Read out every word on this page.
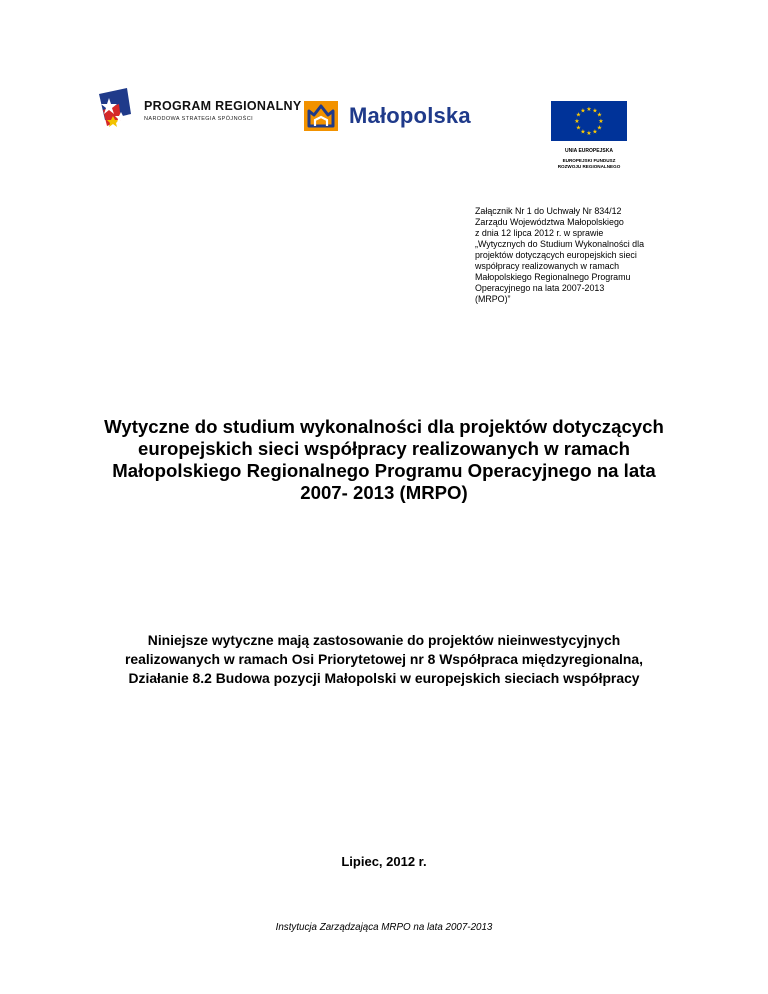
PROGRAM REGIONALNY
NARODOWA STRATEGIA SPÓJNOŚCI	Małopolska	★ ★
★
★
★
★
★
★
★
★
★
★
UNIA EUROPEJSKA
EUROPEJSKI FUNDUSZ
ROZWOJU REGIONALNEGO
Załącznik Nr 1 do Uchwały Nr 834/12
Zarządu Województwa Małopolskiego
z dnia 12 lipca 2012 r. w sprawie
„Wytycznych do Studium Wykonalności dla
projektów dotyczących europejskich sieci
współpracy realizowanych w ramach
Małopolskiego Regionalnego Programu
Operacyjnego na lata 2007-2013
(MRPO)”
Wytyczne do studium wykonalności dla projektów dotyczących
europejskich sieci współpracy realizowanych w ramach
Małopolskiego Regionalnego Programu Operacyjnego na lata
2007- 2013 (MRPO)
Niniejsze wytyczne mają zastosowanie do projektów nieinwestycyjnych
realizowanych w ramach Osi Priorytetowej nr 8 Współpraca międzyregionalna,
Działanie 8.2 Budowa pozycji Małopolski w europejskich sieciach współpracy
Lipiec, 2012 r.
Instytucja Zarządzająca MRPO na lata 2007-2013
